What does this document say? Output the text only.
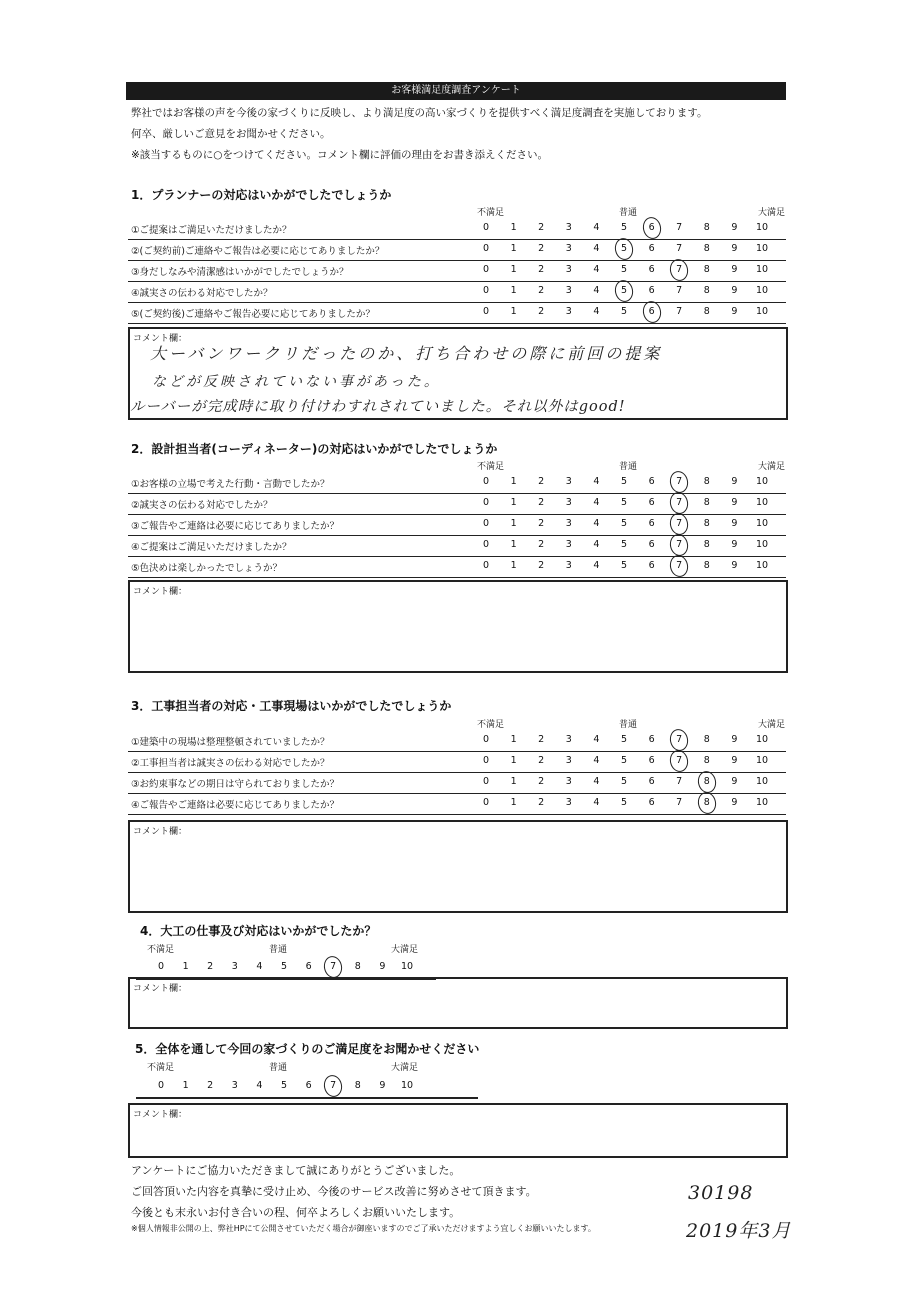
お客様満足度調査アンケート
弊社ではお客様の声を今後の家づくりに反映し、より満足度の高い家づくりを提供すべく満足度調査を実施しております。
何卒、厳しいご意見をお聞かせください。
※該当するものに○をつけてください。コメント欄に評価の理由をお書き添えください。
1．プランナーの対応はいかがでしたでしょうか
不満足	普通	大満足
①ご提案はご満足いただけましたか？	0	1	2	3	4	5	6	7	8	9	10
②(ご契約前)ご連絡やご報告は必要に応じてありましたか？	0	1	2	3	4	5	6	7	8	9	10
③身だしなみや清潔感はいかがでしたでしょうか？	0	1	2	3	4	5	6	7	8	9	10
④誠実さの伝わる対応でしたか？	0	1	2	3	4	5	6	7	8	9	10
⑤(ご契約後)ご連絡やご報告必要に応じてありましたか？	0	1	2	3	4	5	6	7	8	9	10
コメント欄：
大ーバンワークリだったのか、打ち合わせの際に前回の提案
などが反映されていない事があった。
ルーバーが完成時に取り付けわすれされていました。それ以外はgood!
2．設計担当者(コーディネーター)の対応はいかがでしたでしょうか
不満足	普通	大満足
①お客様の立場で考えた行動・言動でしたか？	0	1	2	3	4	5	6	7	8	9	10
②誠実さの伝わる対応でしたか？	0	1	2	3	4	5	6	7	8	9	10
③ご報告やご連絡は必要に応じてありましたか？	0	1	2	3	4	5	6	7	8	9	10
④ご提案はご満足いただけましたか？	0	1	2	3	4	5	6	7	8	9	10
⑤色決めは楽しかったでしょうか？	0	1	2	3	4	5	6	7	8	9	10
コメント欄：
3．工事担当者の対応・工事現場はいかがでしたでしょうか
不満足	普通	大満足
①建築中の現場は整理整頓されていましたか？	0	1	2	3	4	5	6	7	8	9	10
②工事担当者は誠実さの伝わる対応でしたか？	0	1	2	3	4	5	6	7	8	9	10
③お約束事などの期日は守られておりましたか？	0	1	2	3	4	5	6	7	8	9	10
④ご報告やご連絡は必要に応じてありましたか？	0	1	2	3	4	5	6	7	8	9	10
コメント欄：
4．大工の仕事及び対応はいかがでしたか？
不満足	普通	大満足
0	1	2	3	4	5	6	7	8	9	10
コメント欄：
5．全体を通して今回の家づくりのご満足度をお聞かせください
不満足	普通	大満足
0	1	2	3	4	5	6	7	8	9	10
コメント欄：
アンケートにご協力いただきまして誠にありがとうございました。
ご回答頂いた内容を真摯に受け止め、今後のサービス改善に努めさせて頂きます。
今後とも末永いお付き合いの程、何卒よろしくお願いいたします。
※個人情報非公開の上、弊社HPにて公開させていただく場合が御座いますのでご了承いただけますよう宜しくお願いいたします。
30198
2019年3月
